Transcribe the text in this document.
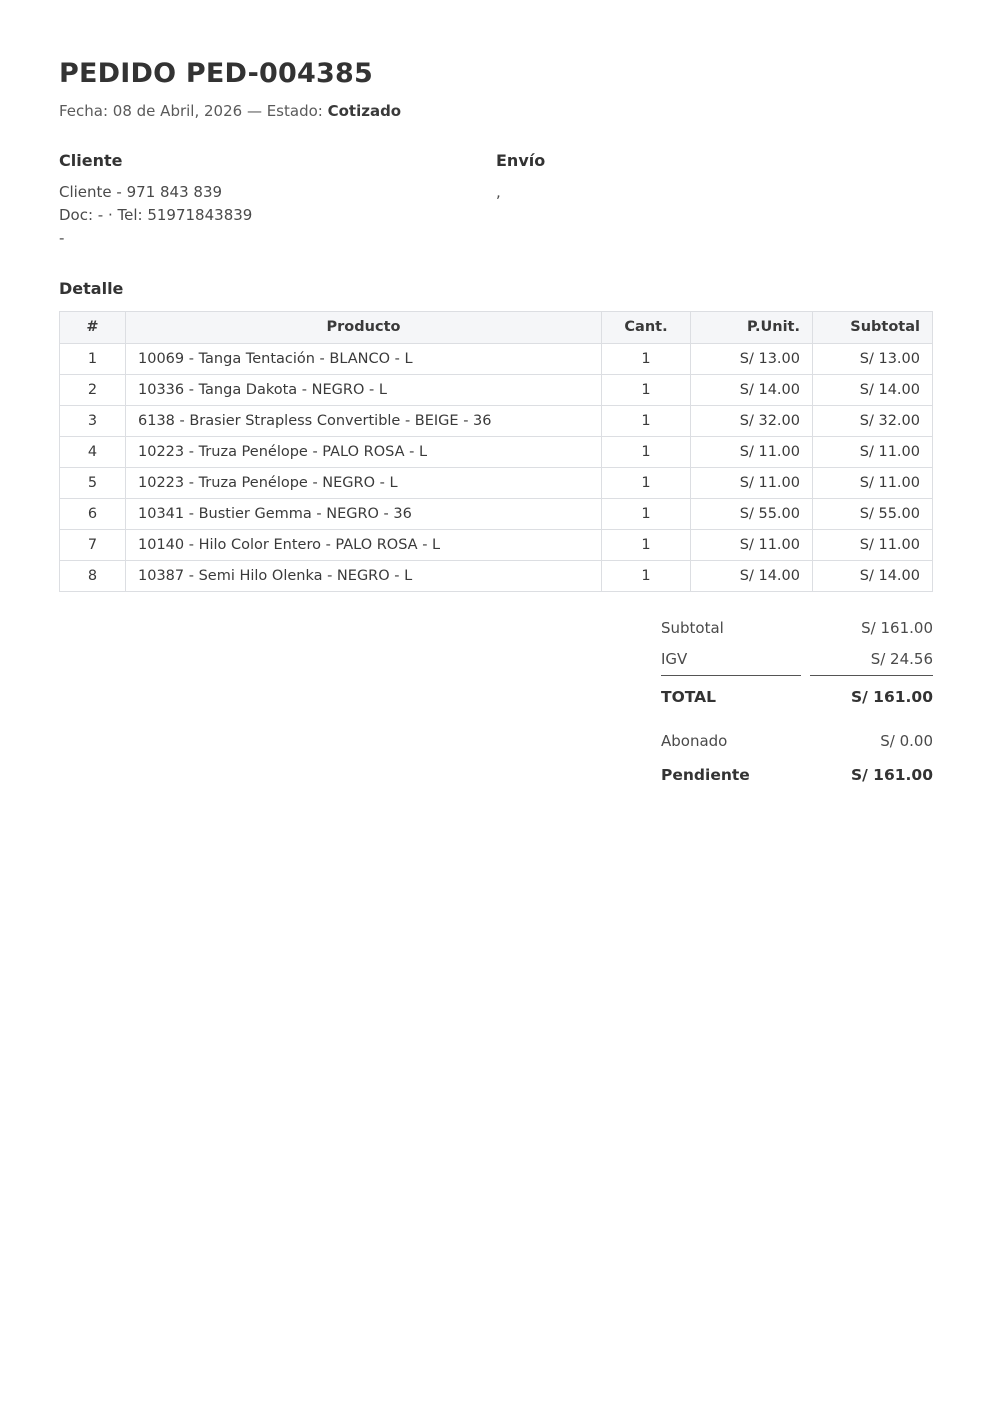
PEDIDO PED-004385
Fecha: 08 de Abril, 2026 — Estado: Cotizado
Cliente
Cliente - 971 843 839
Doc: - · Tel: 51971843839
-
Envío
,
Detalle
#	Producto	Cant.	P.Unit.	Subtotal
1	10069 - Tanga Tentación - BLANCO - L	1	S/ 13.00	S/ 13.00
2	10336 - Tanga Dakota - NEGRO - L	1	S/ 14.00	S/ 14.00
3	6138 - Brasier Strapless Convertible - BEIGE - 36	1	S/ 32.00	S/ 32.00
4	10223 - Truza Penélope - PALO ROSA - L	1	S/ 11.00	S/ 11.00
5	10223 - Truza Penélope - NEGRO - L	1	S/ 11.00	S/ 11.00
6	10341 - Bustier Gemma - NEGRO - 36	1	S/ 55.00	S/ 55.00
7	10140 - Hilo Color Entero - PALO ROSA - L	1	S/ 11.00	S/ 11.00
8	10387 - Semi Hilo Olenka - NEGRO - L	1	S/ 14.00	S/ 14.00
Subtotal		S/ 161.00
IGV		S/ 24.56
TOTAL		S/ 161.00
Abonado		S/ 0.00
Pendiente		S/ 161.00
